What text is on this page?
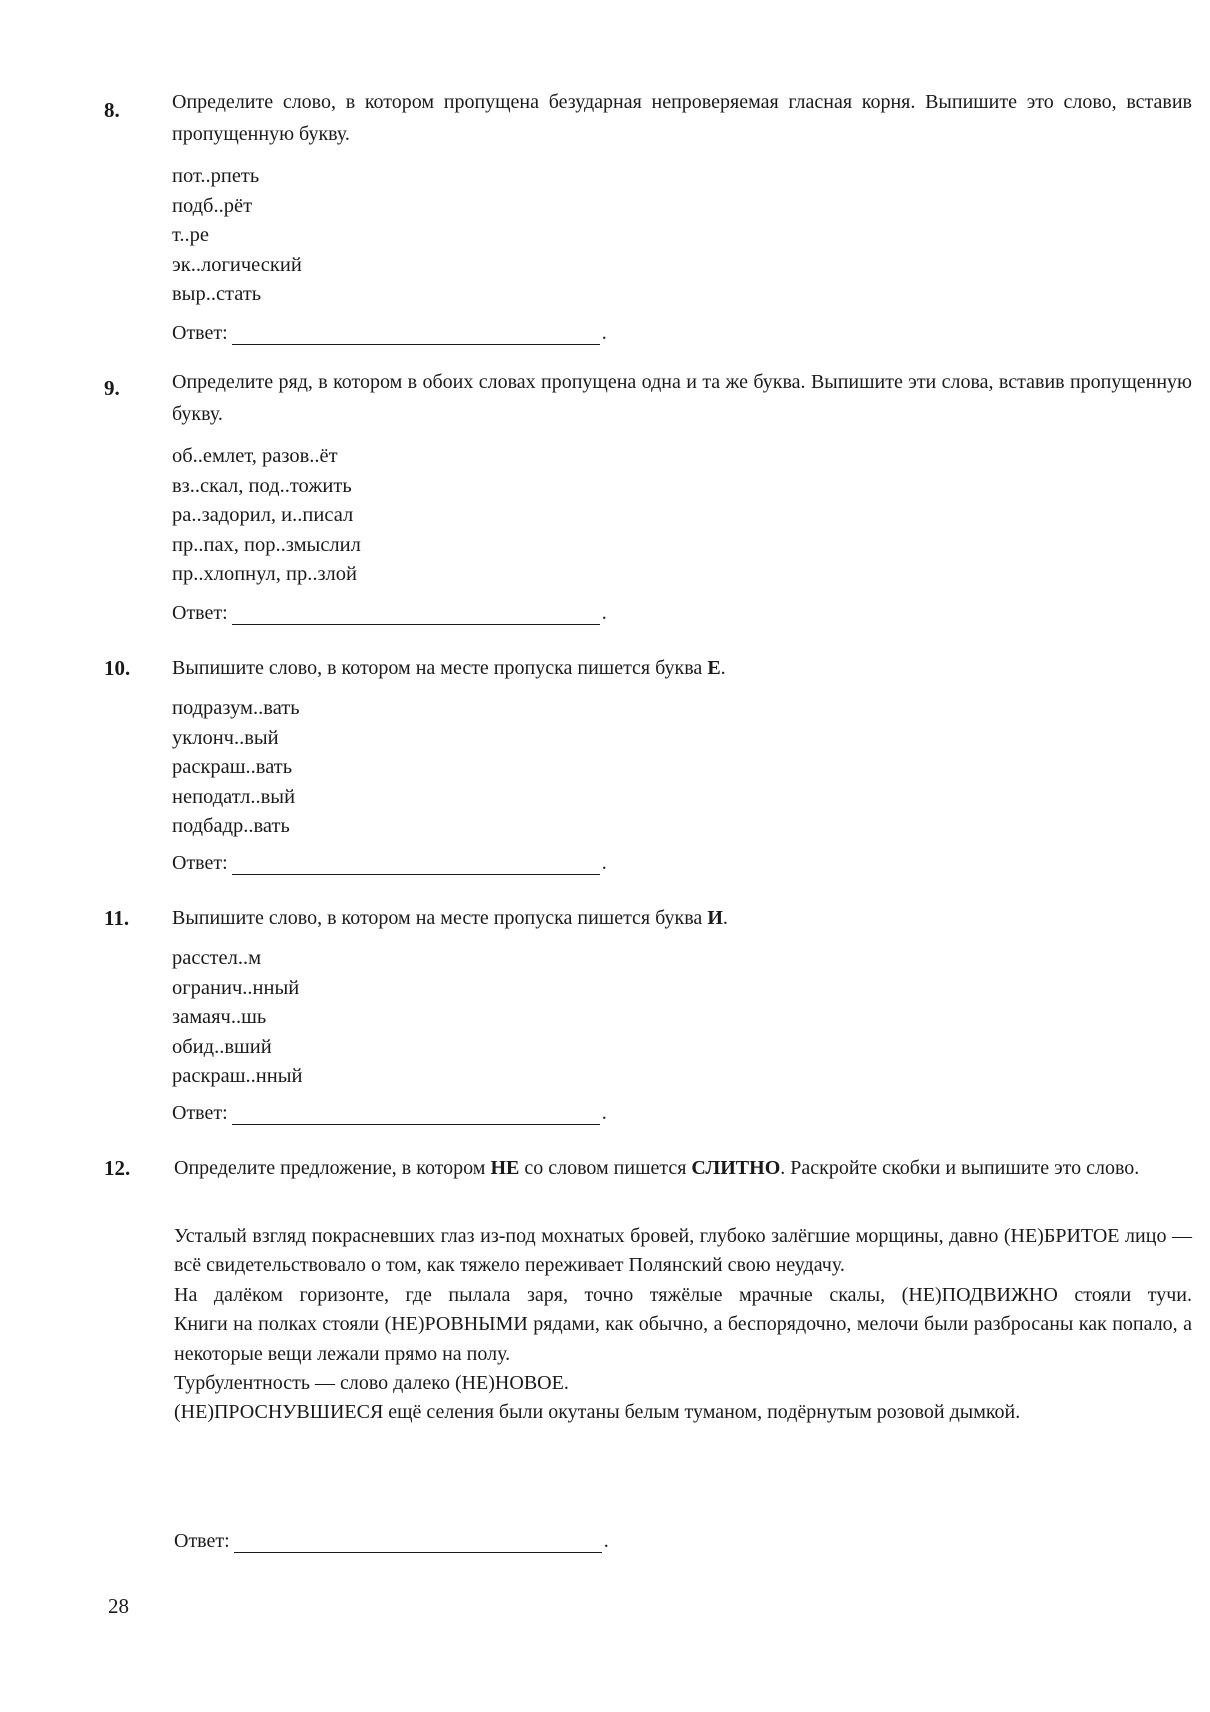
8.	Определите слово, в котором пропущена безударная непроверяемая гласная корня. Выпишите это слово, вставив пропущенную букву.
пот..рпеть
подб..рёт
т..ре
эк..логический
выр..стать
Ответ:	.
9.	Определите ряд, в котором в обоих словах пропущена одна и та же буква. Выпишите эти слова, вставив пропущенную букву.
об..емлет, разов..ёт
вз..скал, под..тожить
ра..задорил, и..писал
пр..пах, пор..змыслил
пр..хлопнул, пр..злой
Ответ:	.
10. Выпишите слово, в котором на месте пропуска пишется буква Е.
подразум..вать
уклонч..вый
раскраш..вать
неподатл..вый
подбадр..вать
Ответ:	.
11. Выпишите слово, в котором на месте пропуска пишется буква И.
расстел..м
огранич..нный
замаяч..шь
обид..вший
раскраш..нный
Ответ:	.
12. Определите предложение, в котором НЕ со словом пишется СЛИТНО. Раскройте скобки и выпишите это слово.
Усталый взгляд покрасневших глаз из-под мохнатых бровей, глубоко залёгшие морщины, давно (НЕ)БРИТОЕ лицо — всё свидетельствовало о том, как тяжело переживает Полянский свою неудачу.
На далёком горизонте, где пылала заря, точно тяжёлые мрачные скалы, (НЕ)ПОДВИЖНО стояли тучи.
Книги на полках стояли (НЕ)РОВНЫМИ рядами, как обычно, а беспорядочно, мелочи были разбросаны как попало, а некоторые вещи лежали прямо на полу.
Турбулентность — слово далеко (НЕ)НОВОЕ.
(НЕ)ПРОСНУВШИЕСЯ ещё селения были окутаны белым туманом, подёрнутым розовой дымкой.
Ответ:	.
28
